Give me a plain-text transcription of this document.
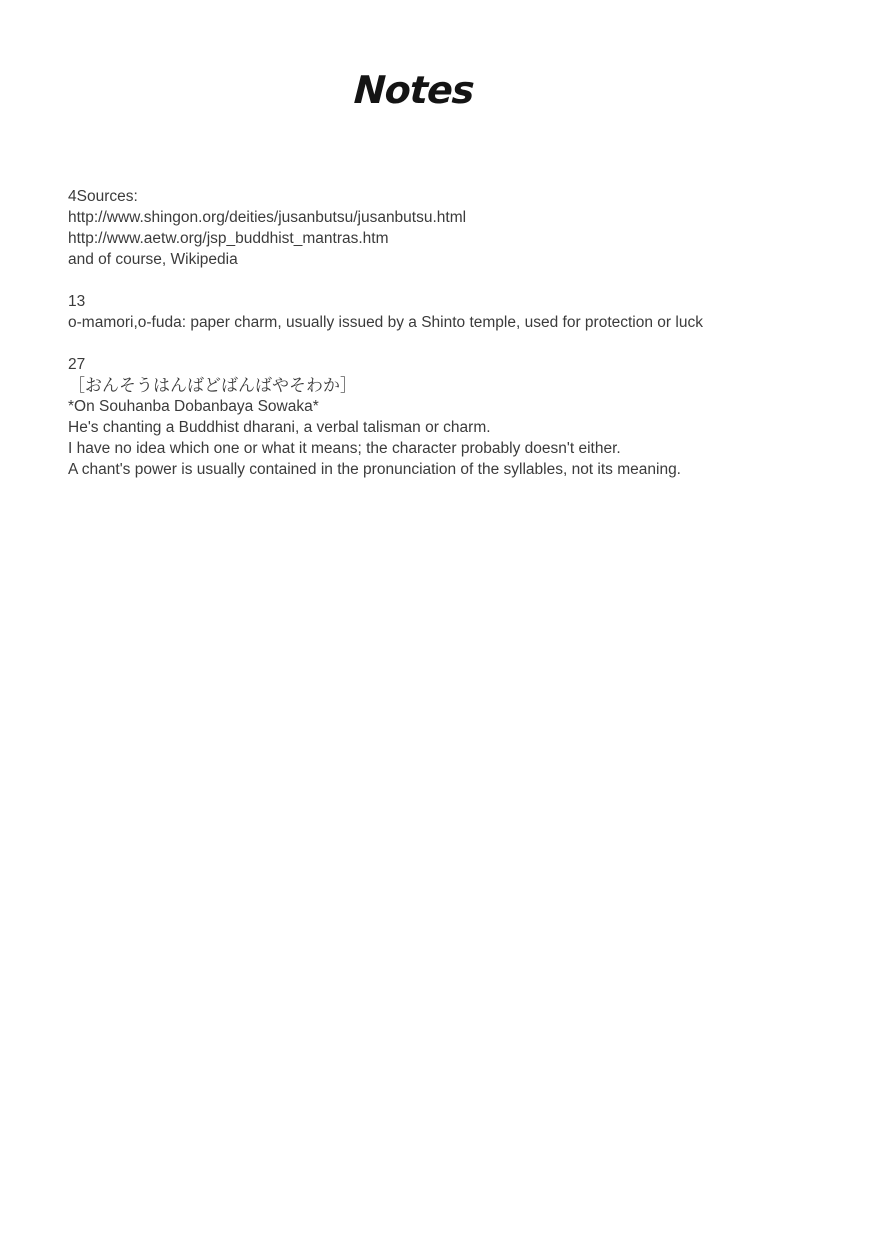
Notes
4Sources:
http://www.shingon.org/deities/jusanbutsu/jusanbutsu.html
http://www.aetw.org/jsp_buddhist_mantras.htm
and of course, Wikipedia
13
o-mamori,o-fuda: paper charm, usually issued by a Shinto temple, used for protection or luck
27
［おんそうはんばどばんばやそわか］
*On Souhanba Dobanbaya Sowaka*
He's chanting a Buddhist dharani, a verbal talisman or charm.
I have no idea which one or what it means; the character probably doesn't either.
A chant's power is usually contained in the pronunciation of the syllables, not its meaning.
